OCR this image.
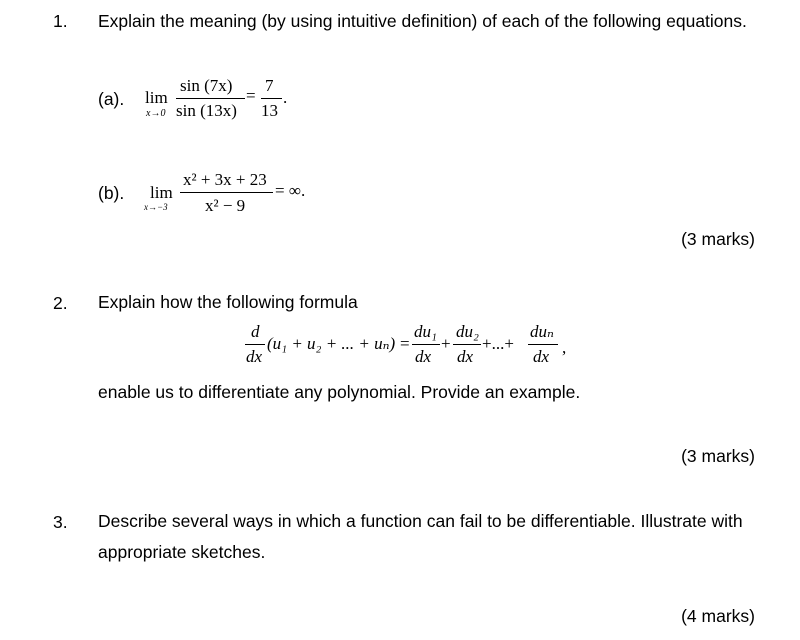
1. Explain the meaning (by using intuitive definition) of each of the following equations.
(a). lim
x→0
sin (7x)
sin (13x)
=
7
13
.
(b). lim
x→−3
x² + 3x + 23
x² − 9
= ∞.
(3 marks)
2. Explain how the following formula
d
dx
(u₁ + u₂ + ... + uₙ) =
du₁
dx
+
du₂
dx
+...+
duₙ
dx ,
enable us to differentiate any polynomial. Provide an example.
(3 marks)
3. Describe several ways in which a function can fail to be differentiable. Illustrate with appropriate sketches.
(4 marks)
